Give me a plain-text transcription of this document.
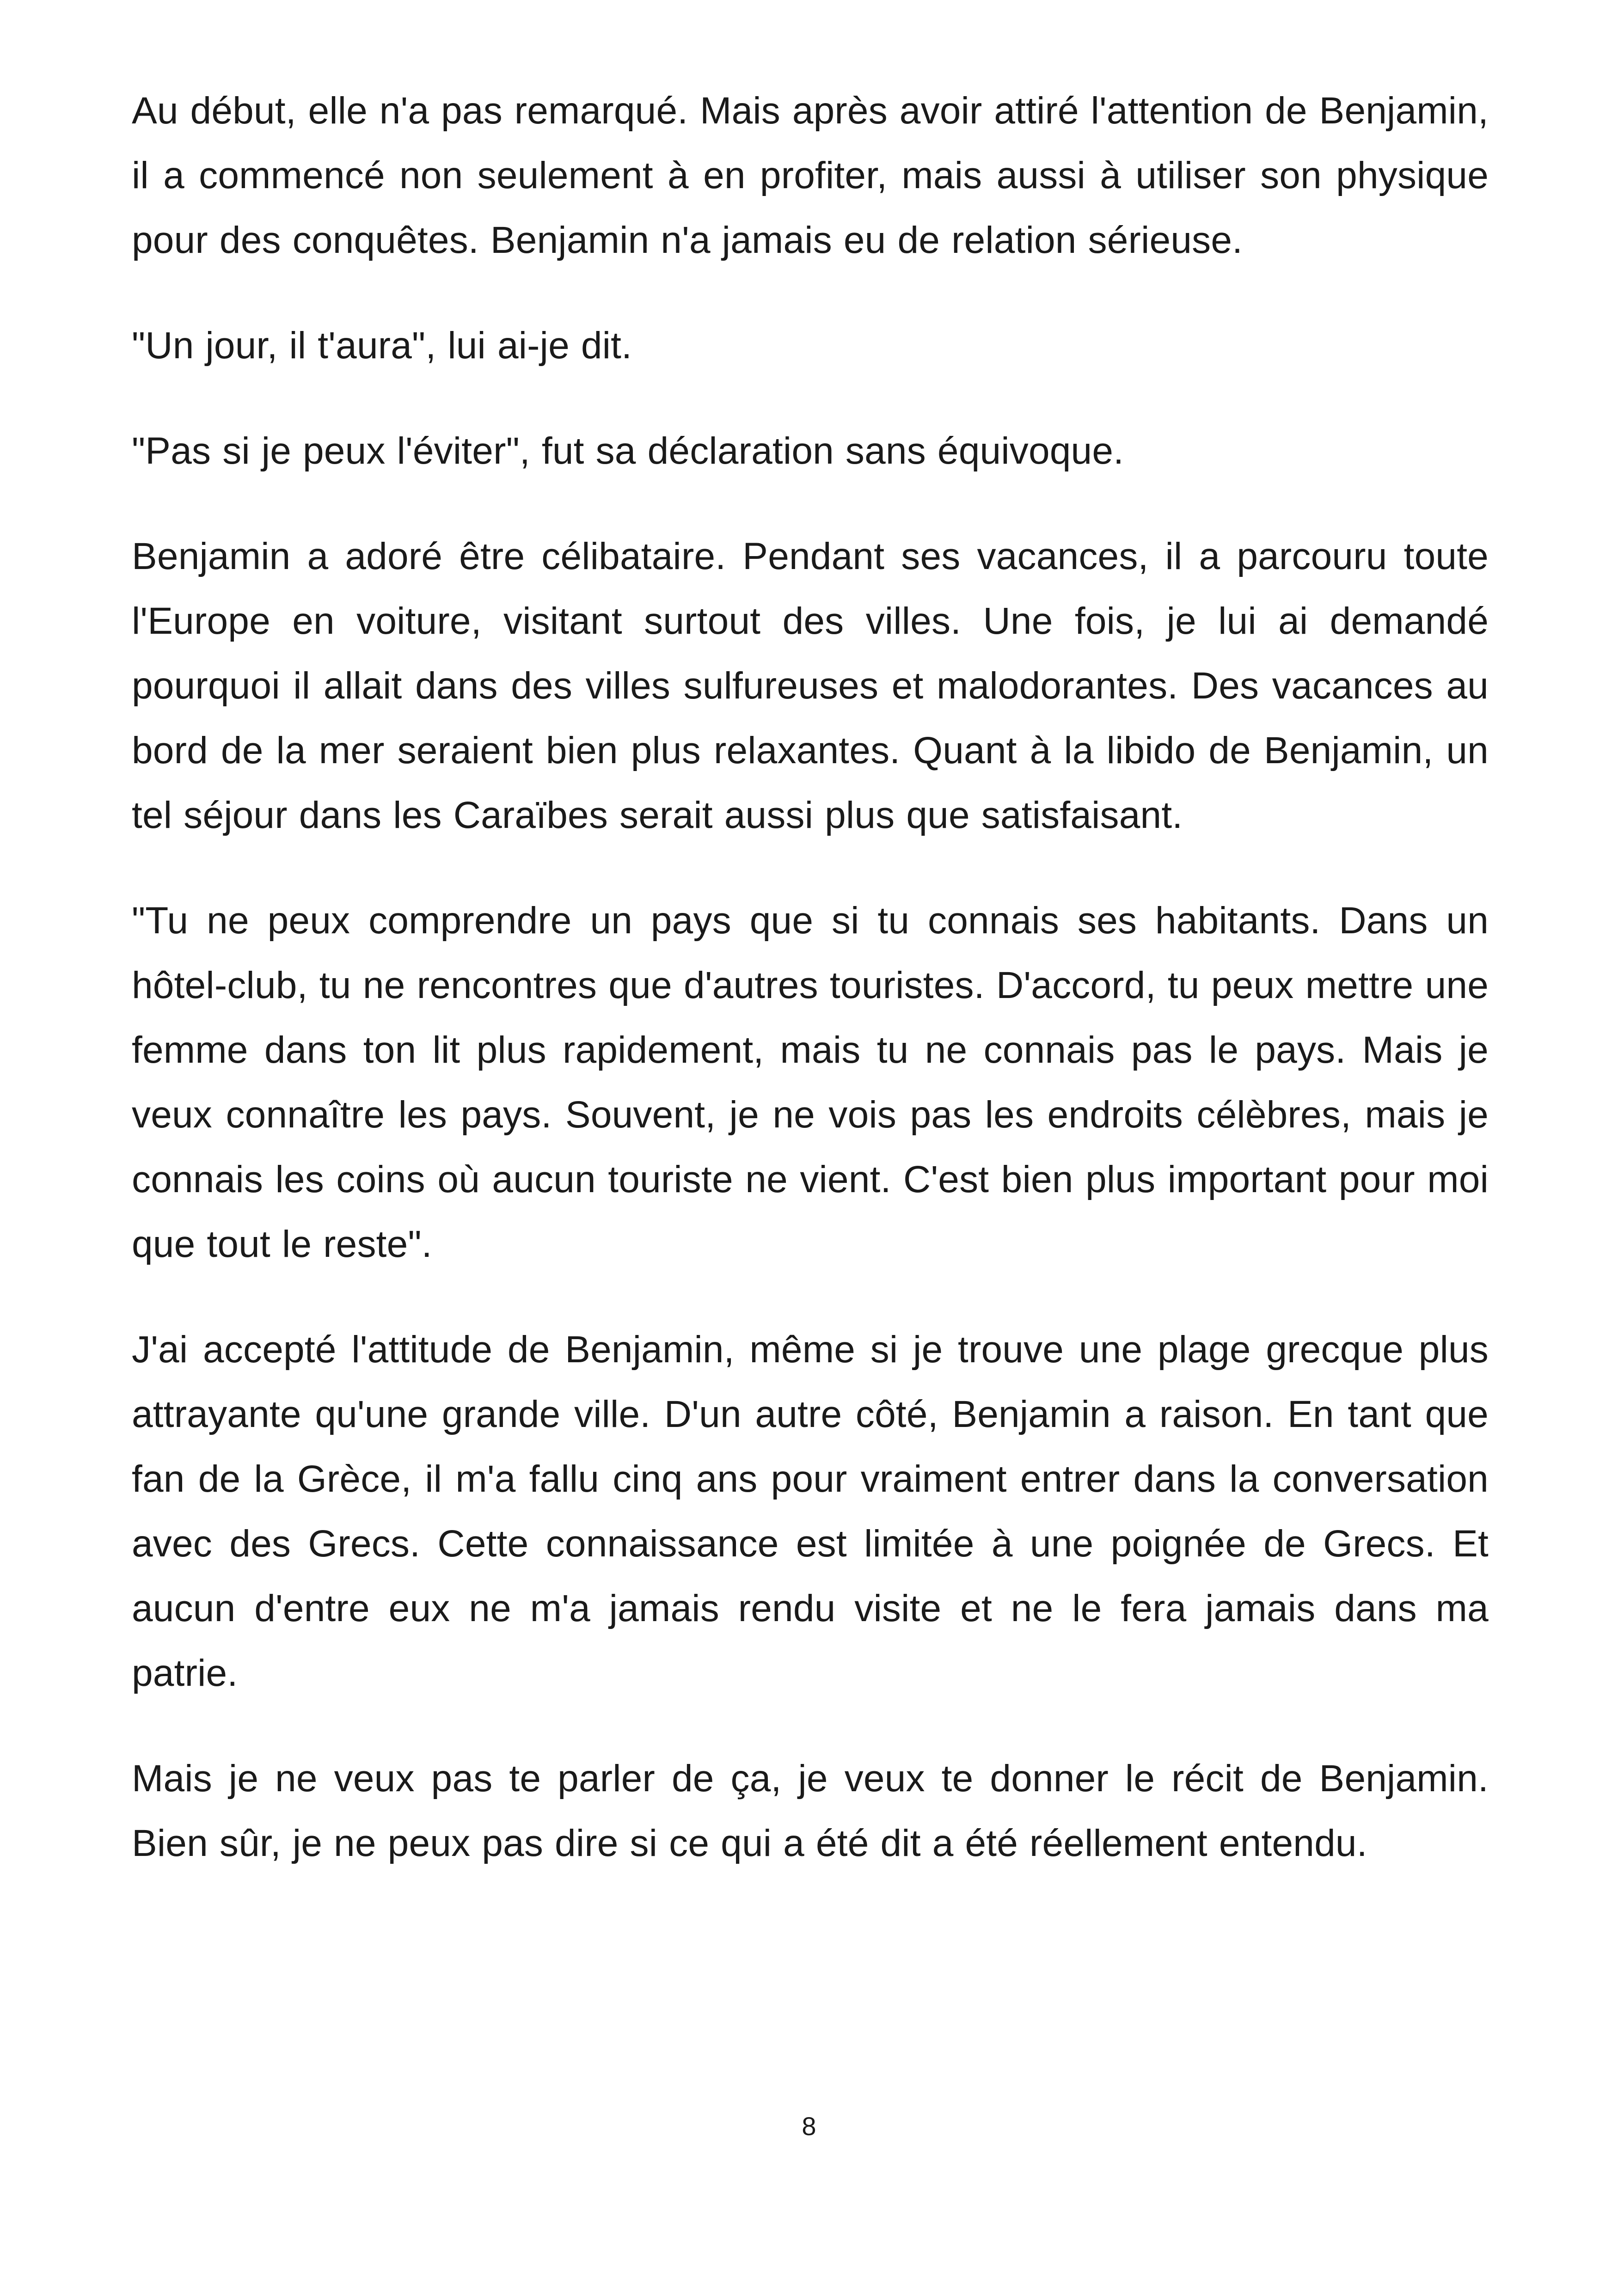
Au début, elle n'a pas remarqué. Mais après avoir attiré l'attention de Benjamin, il a commencé non seulement à en profiter, mais aussi à utiliser son physique pour des conquêtes. Benjamin n'a jamais eu de relation sérieuse.

"Un jour, il t'aura", lui ai-je dit.

"Pas si je peux l'éviter", fut sa déclaration sans équivoque.

Benjamin a adoré être célibataire. Pendant ses vacances, il a parcouru toute l'Europe en voiture, visitant surtout des villes. Une fois, je lui ai demandé pourquoi il allait dans des villes sulfureuses et malodorantes. Des vacances au bord de la mer seraient bien plus relaxantes. Quant à la libido de Benjamin, un tel séjour dans les Caraïbes serait aussi plus que satisfaisant.

"Tu ne peux comprendre un pays que si tu connais ses habitants. Dans un hôtel-club, tu ne rencontres que d'autres touristes. D'accord, tu peux mettre une femme dans ton lit plus rapidement, mais tu ne connais pas le pays. Mais je veux connaître les pays. Souvent, je ne vois pas les endroits célèbres, mais je connais les coins où aucun touriste ne vient. C'est bien plus important pour moi que tout le reste".

J'ai accepté l'attitude de Benjamin, même si je trouve une plage grecque plus attrayante qu'une grande ville. D'un autre côté, Benjamin a raison. En tant que fan de la Grèce, il m'a fallu cinq ans pour vraiment entrer dans la conversation avec des Grecs. Cette connaissance est limitée à une poignée de Grecs. Et aucun d'entre eux ne m'a jamais rendu visite et ne le fera jamais dans ma patrie.

Mais je ne veux pas te parler de ça, je veux te donner le récit de Benjamin. Bien sûr, je ne peux pas dire si ce qui a été dit a été réellement entendu.

8
